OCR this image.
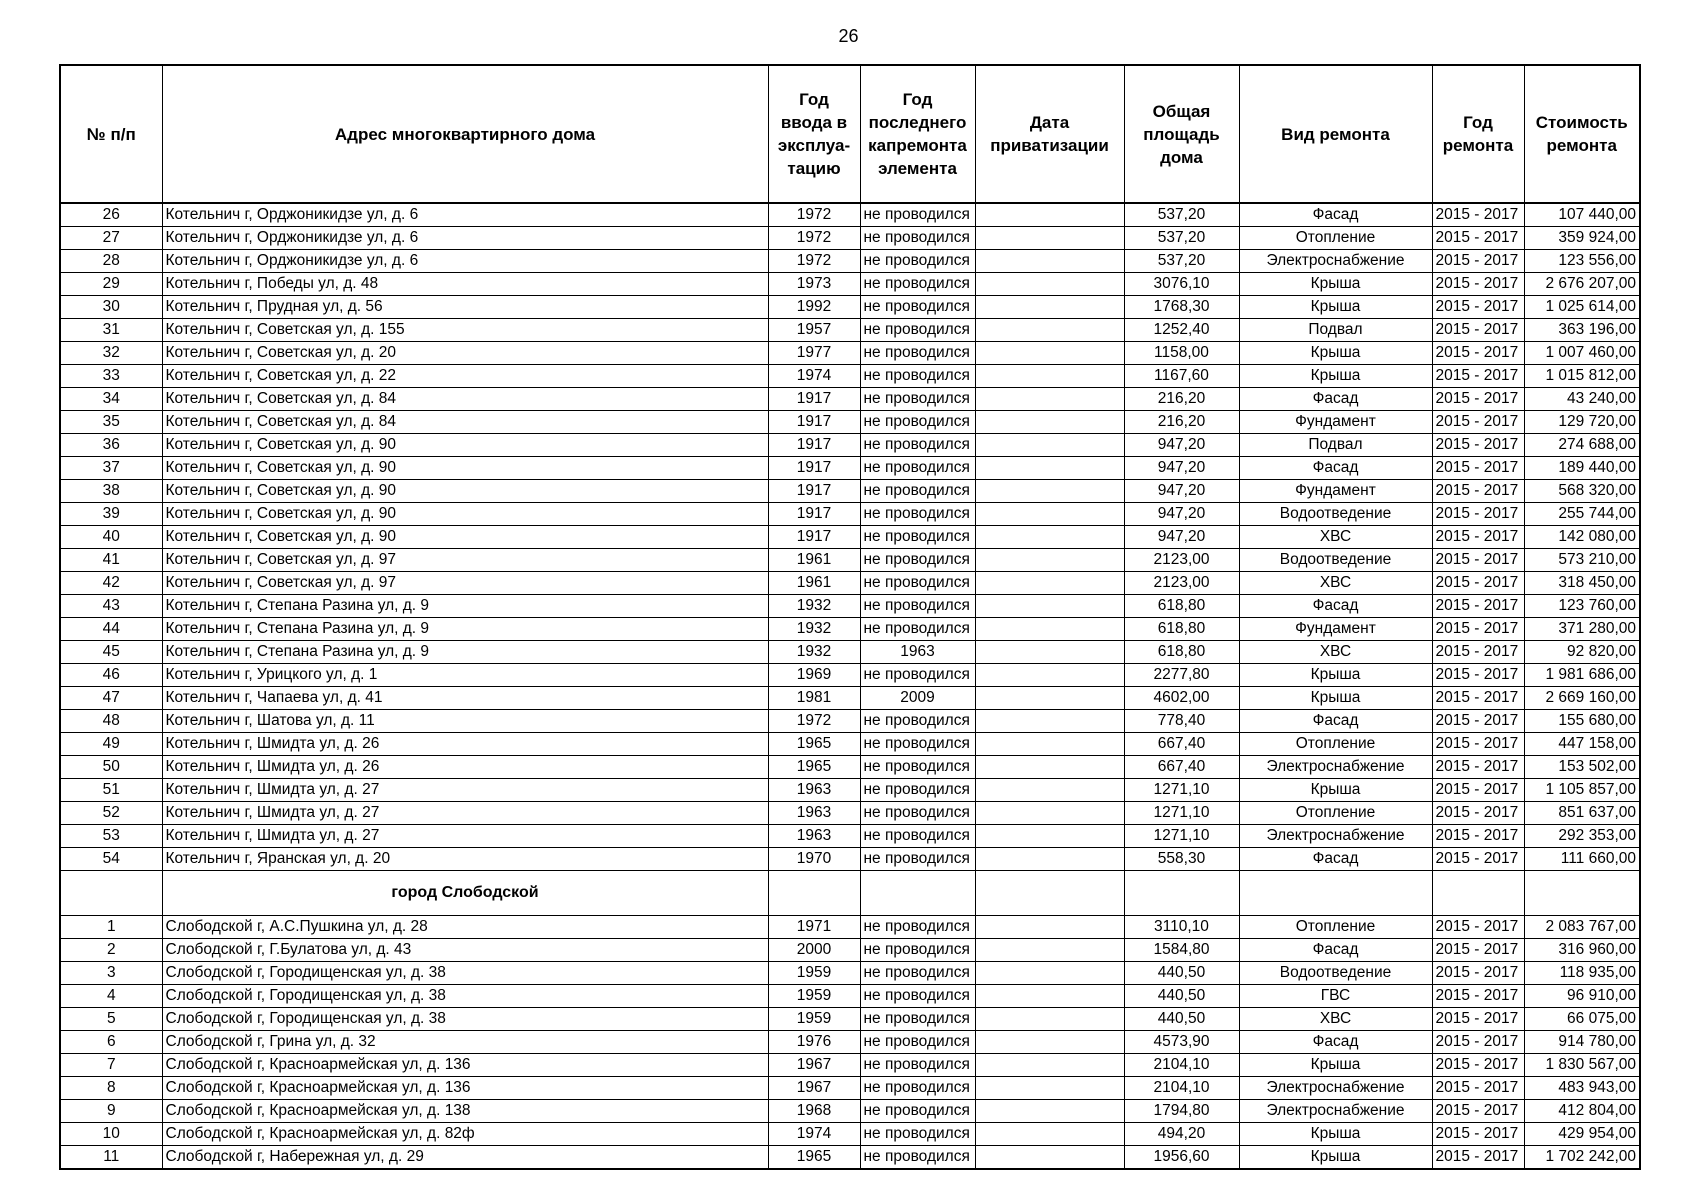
26
№ п/п	Адрес многоквартирного дома	Год ввода в эксплуа-тацию	Год последнего капремонта элемента	Дата приватизации	Общая площадь дома	Вид ремонта	Год ремонта	Стоимость ремонта
26	Котельнич г, Орджоникидзе ул, д. 6	1972	не проводился		537,20	Фасад	2015 - 2017	107 440,00
27	Котельнич г, Орджоникидзе ул, д. 6	1972	не проводился		537,20	Отопление	2015 - 2017	359 924,00
28	Котельнич г, Орджоникидзе ул, д. 6	1972	не проводился		537,20	Электроснабжение	2015 - 2017	123 556,00
29	Котельнич г, Победы ул, д. 48	1973	не проводился		3076,10	Крыша	2015 - 2017	2 676 207,00
30	Котельнич г, Прудная ул, д. 56	1992	не проводился		1768,30	Крыша	2015 - 2017	1 025 614,00
31	Котельнич г, Советская ул, д. 155	1957	не проводился		1252,40	Подвал	2015 - 2017	363 196,00
32	Котельнич г, Советская ул, д. 20	1977	не проводился		1158,00	Крыша	2015 - 2017	1 007 460,00
33	Котельнич г, Советская ул, д. 22	1974	не проводился		1167,60	Крыша	2015 - 2017	1 015 812,00
34	Котельнич г, Советская ул, д. 84	1917	не проводился		216,20	Фасад	2015 - 2017	43 240,00
35	Котельнич г, Советская ул, д. 84	1917	не проводился		216,20	Фундамент	2015 - 2017	129 720,00
36	Котельнич г, Советская ул, д. 90	1917	не проводился		947,20	Подвал	2015 - 2017	274 688,00
37	Котельнич г, Советская ул, д. 90	1917	не проводился		947,20	Фасад	2015 - 2017	189 440,00
38	Котельнич г, Советская ул, д. 90	1917	не проводился		947,20	Фундамент	2015 - 2017	568 320,00
39	Котельнич г, Советская ул, д. 90	1917	не проводился		947,20	Водоотведение	2015 - 2017	255 744,00
40	Котельнич г, Советская ул, д. 90	1917	не проводился		947,20	ХВС	2015 - 2017	142 080,00
41	Котельнич г, Советская ул, д. 97	1961	не проводился		2123,00	Водоотведение	2015 - 2017	573 210,00
42	Котельнич г, Советская ул, д. 97	1961	не проводился		2123,00	ХВС	2015 - 2017	318 450,00
43	Котельнич г, Степана Разина ул, д. 9	1932	не проводился		618,80	Фасад	2015 - 2017	123 760,00
44	Котельнич г, Степана Разина ул, д. 9	1932	не проводился		618,80	Фундамент	2015 - 2017	371 280,00
45	Котельнич г, Степана Разина ул, д. 9	1932	1963		618,80	ХВС	2015 - 2017	92 820,00
46	Котельнич г, Урицкого ул, д. 1	1969	не проводился		2277,80	Крыша	2015 - 2017	1 981 686,00
47	Котельнич г, Чапаева ул, д. 41	1981	2009		4602,00	Крыша	2015 - 2017	2 669 160,00
48	Котельнич г, Шатова ул, д. 11	1972	не проводился		778,40	Фасад	2015 - 2017	155 680,00
49	Котельнич г, Шмидта ул, д. 26	1965	не проводился		667,40	Отопление	2015 - 2017	447 158,00
50	Котельнич г, Шмидта ул, д. 26	1965	не проводился		667,40	Электроснабжение	2015 - 2017	153 502,00
51	Котельнич г, Шмидта ул, д. 27	1963	не проводился		1271,10	Крыша	2015 - 2017	1 105 857,00
52	Котельнич г, Шмидта ул, д. 27	1963	не проводился		1271,10	Отопление	2015 - 2017	851 637,00
53	Котельнич г, Шмидта ул, д. 27	1963	не проводился		1271,10	Электроснабжение	2015 - 2017	292 353,00
54	Котельнич г, Яранская ул, д. 20	1970	не проводился		558,30	Фасад	2015 - 2017	111 660,00
	город Слободской							
1	Слободской г, А.С.Пушкина ул, д. 28	1971	не проводился		3110,10	Отопление	2015 - 2017	2 083 767,00
2	Слободской г, Г.Булатова ул, д. 43	2000	не проводился		1584,80	Фасад	2015 - 2017	316 960,00
3	Слободской г, Городищенская ул, д. 38	1959	не проводился		440,50	Водоотведение	2015 - 2017	118 935,00
4	Слободской г, Городищенская ул, д. 38	1959	не проводился		440,50	ГВС	2015 - 2017	96 910,00
5	Слободской г, Городищенская ул, д. 38	1959	не проводился		440,50	ХВС	2015 - 2017	66 075,00
6	Слободской г, Грина ул, д. 32	1976	не проводился		4573,90	Фасад	2015 - 2017	914 780,00
7	Слободской г, Красноармейская ул, д. 136	1967	не проводился		2104,10	Крыша	2015 - 2017	1 830 567,00
8	Слободской г, Красноармейская ул, д. 136	1967	не проводился		2104,10	Электроснабжение	2015 - 2017	483 943,00
9	Слободской г, Красноармейская ул, д. 138	1968	не проводился		1794,80	Электроснабжение	2015 - 2017	412 804,00
10	Слободской г, Красноармейская ул, д. 82ф	1974	не проводился		494,20	Крыша	2015 - 2017	429 954,00
11	Слободской г, Набережная ул, д. 29	1965	не проводился		1956,60	Крыша	2015 - 2017	1 702 242,00
